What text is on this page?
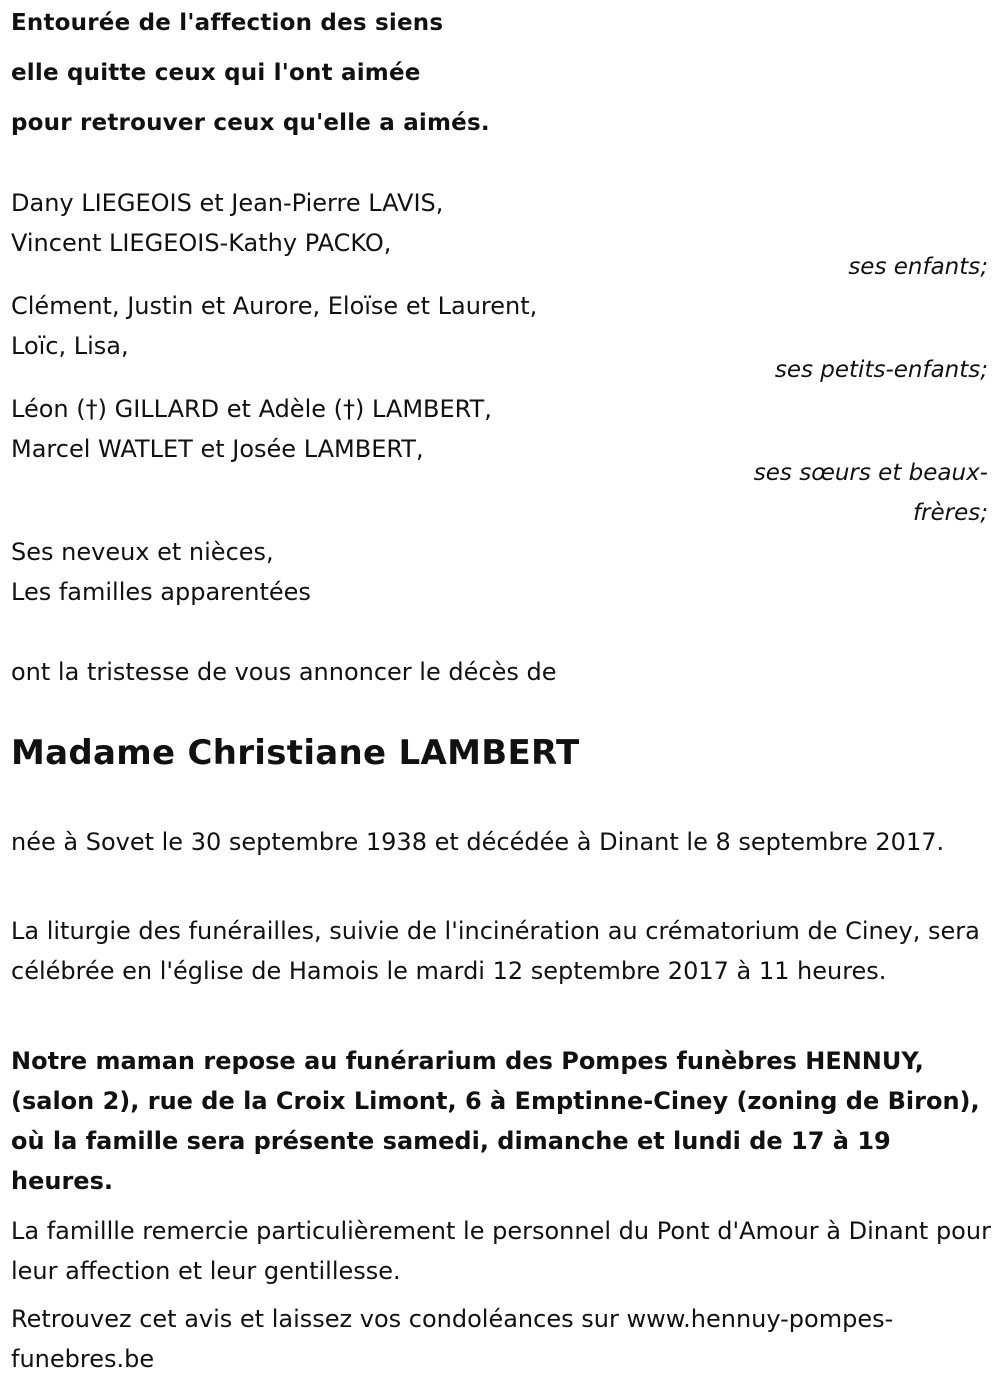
Entourée de l'affection des siens
elle quitte ceux qui l'ont aimée
pour retrouver ceux qu'elle a aimés.
Dany LIEGEOIS et Jean-Pierre LAVIS,
Vincent LIEGEOIS-Kathy PACKO,
ses enfants;
Clément, Justin et Aurore, Eloïse et Laurent,
Loïc, Lisa,
ses petits-enfants;
Léon (†) GILLARD et Adèle (†) LAMBERT,
Marcel WATLET et Josée LAMBERT,
ses sœurs et beaux-
frères;
Ses neveux et nièces,
Les familles apparentées
ont la tristesse de vous annoncer le décès de
Madame Christiane LAMBERT
née à Sovet le 30 septembre 1938 et décédée à Dinant le 8 septembre 2017.
La liturgie des funérailles, suivie de l'incinération au crématorium de Ciney, sera célébrée en l'église de Hamois le mardi 12 septembre 2017 à 11 heures.
Notre maman repose au funérarium des Pompes funèbres HENNUY, (salon 2), rue de la Croix Limont, 6 à Emptinne-Ciney (zoning de Biron), où la famille sera présente samedi, dimanche et lundi de 17 à 19 heures.
La famillle remercie particulièrement le personnel du Pont d'Amour à Dinant pour leur affection et leur gentillesse.
Retrouvez cet avis et laissez vos condoléances sur www.hennuy-pompes-funebres.be
